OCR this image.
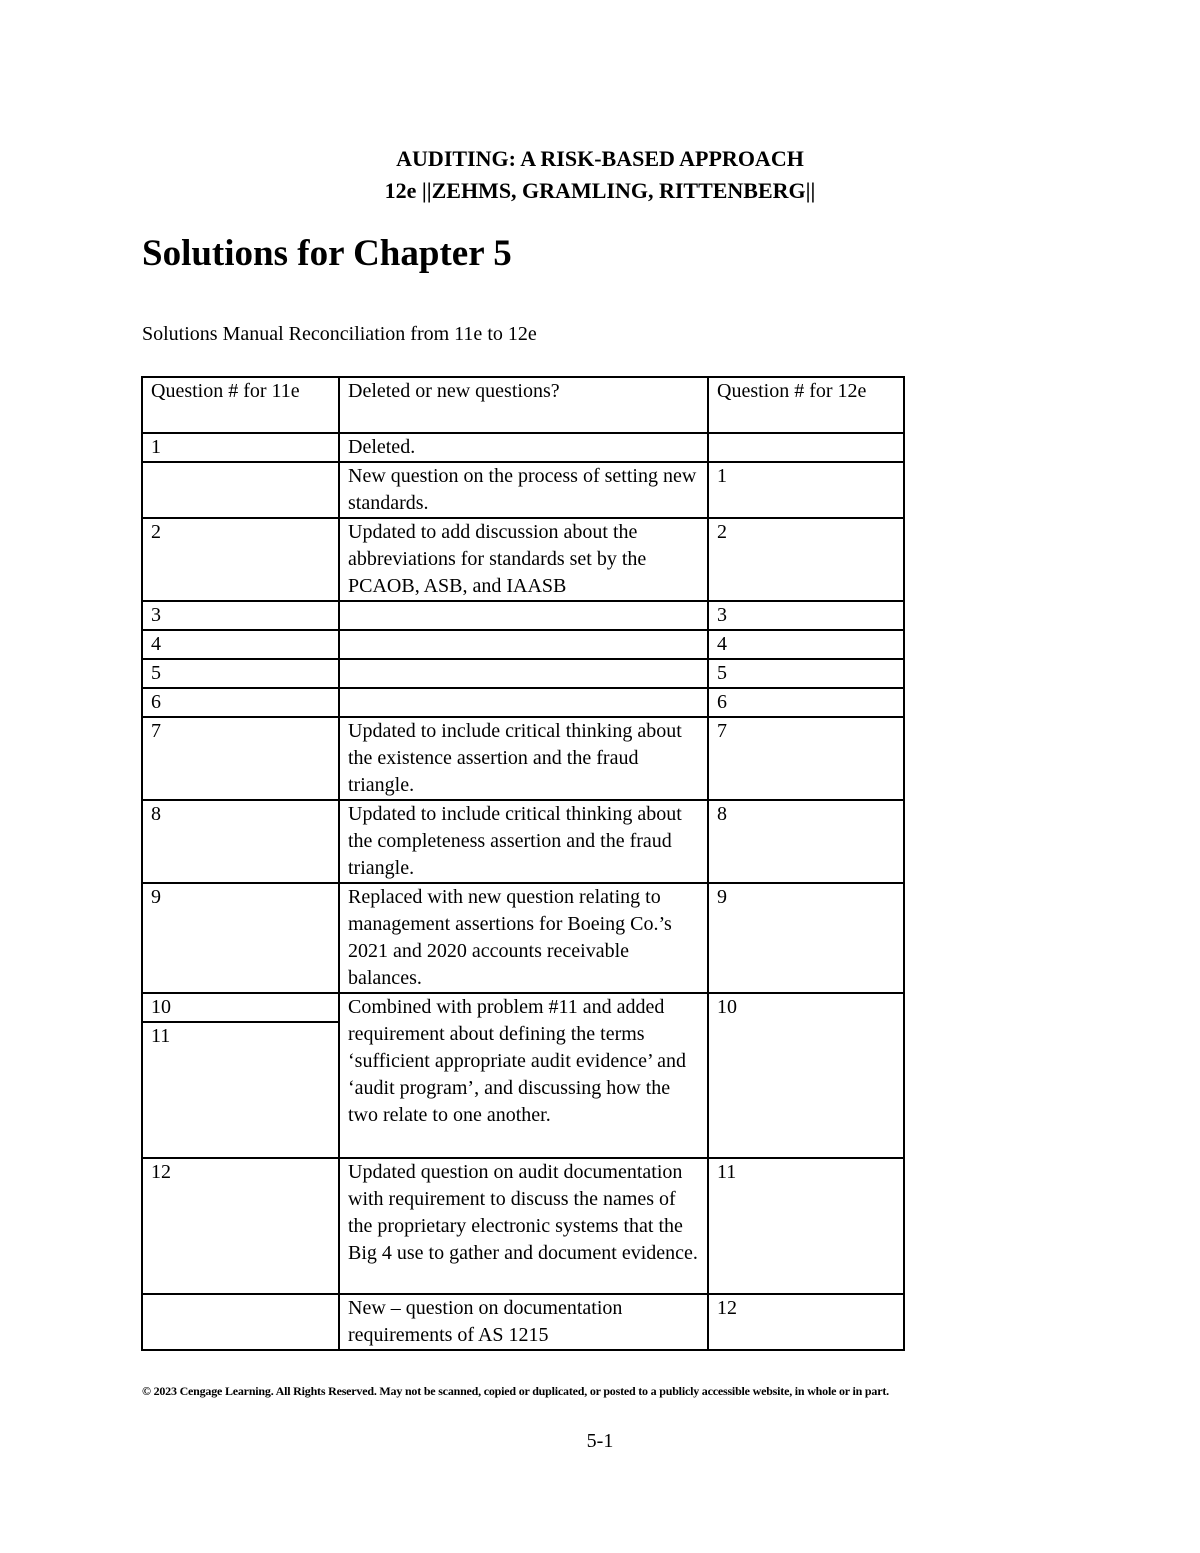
AUDITING: A RISK-BASED APPROACH
12e ||ZEHMS, GRAMLING, RITTENBERG||
Solutions for Chapter 5
Solutions Manual Reconciliation from 11e to 12e
Question # for 11e	Deleted or new questions?	Question # for 12e
1	Deleted.	
	New question on the process of setting new standards.	1
2	Updated to add discussion about the abbreviations for standards set by the PCAOB, ASB, and IAASB	2
3		3
4		4
5		5
6		6
7	Updated to include critical thinking about the existence assertion and the fraud triangle.	7
8	Updated to include critical thinking about the completeness assertion and the fraud triangle.	8
9	Replaced with new question relating to management assertions for Boeing Co.’s 2021 and 2020 accounts receivable balances.	9
10	Combined with problem #11 and added requirement about defining the terms ‘sufficient appropriate audit evidence’ and ‘audit program’, and discussing how the two relate to one another.	10
11		
12	Updated question on audit documentation with requirement to discuss the names of the proprietary electronic systems that the Big 4 use to gather and document evidence.	11
	New – question on documentation requirements of AS 1215	12
© 2023 Cengage Learning. All Rights Reserved. May not be scanned, copied or duplicated, or posted to a publicly accessible website, in whole or in part.
5-1
